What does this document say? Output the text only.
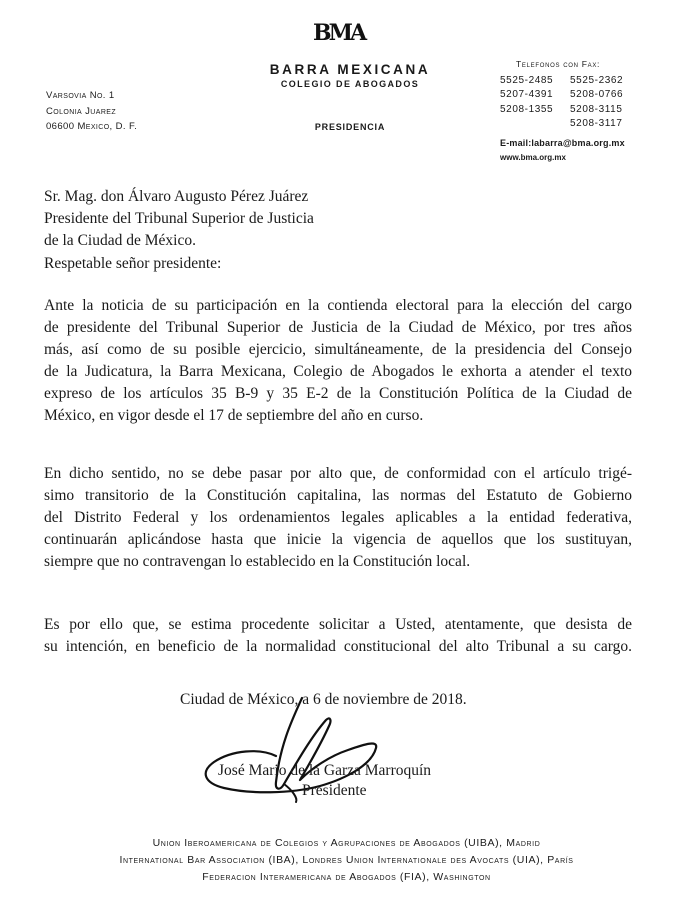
BMA
BARRA MEXICANA
COLEGIO DE ABOGADOS
PRESIDENCIA
Varsovia No. 1
Colonia Juarez
06600 Mexico, D. F.
Telefonos con Fax:
5525-2485 5525-2362
5207-4391 5208-0766
5208-1355 5208-3115
5208-3117
E-mail:labarra@bma.org.mx
www.bma.org.mx
Sr. Mag. don Álvaro Augusto Pérez Juárez
Presidente del Tribunal Superior de Justicia
de la Ciudad de México.
Respetable señor presidente:
Ante la noticia de su participación en la contienda electoral para la elección del cargo
de presidente del Tribunal Superior de Justicia de la Ciudad de México, por tres años
más, así como de su posible ejercicio, simultáneamente, de la presidencia del Consejo
de la Judicatura, la Barra Mexicana, Colegio de Abogados le exhorta a atender el texto
expreso de los artículos 35 B-9 y 35 E-2 de la Constitución Política de la Ciudad de
México, en vigor desde el 17 de septiembre del año en curso.
En dicho sentido, no se debe pasar por alto que, de conformidad con el artículo trigé-
simo transitorio de la Constitución capitalina, las normas del Estatuto de Gobierno
del Distrito Federal y los ordenamientos legales aplicables a la entidad federativa,
continuarán aplicándose hasta que inicie la vigencia de aquellos que los sustituyan,
siempre que no contravengan lo establecido en la Constitución local.
Es por ello que, se estima procedente solicitar a Usted, atentamente, que desista de
su intención, en beneficio de la normalidad constitucional del alto Tribunal a su cargo.
Ciudad de México, a 6 de noviembre de 2018.
José Mario de la Garza Marroquín
Presidente
Union Iberoamericana de Colegios y Agrupaciones de Abogados (UIBA), Madrid
International Bar Association (IBA), Londres Union Internationale des Avocats (UIA), París
Federacion Interamericana de Abogados (FIA), Washington
